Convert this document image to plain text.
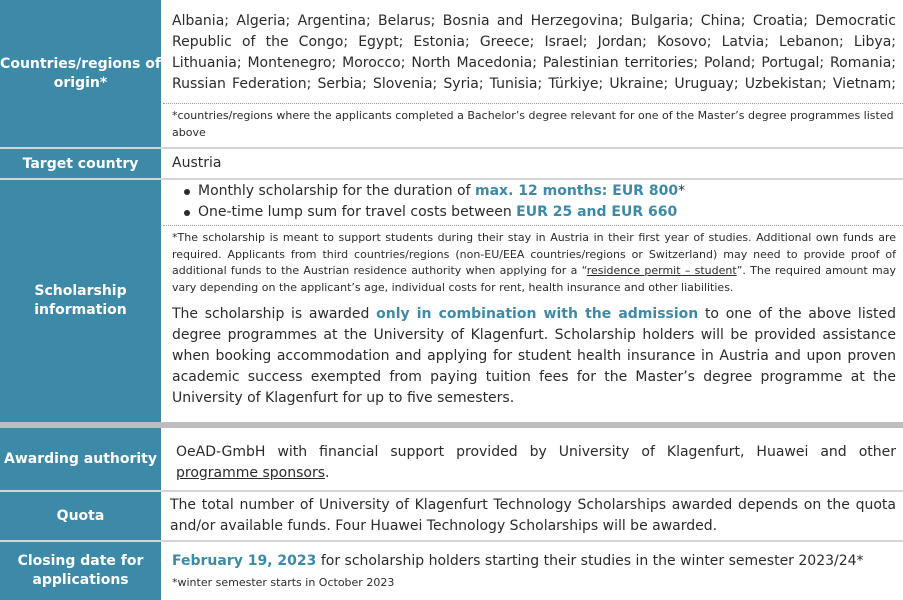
Countries/regions of origin*

Albania; Algeria; Argentina; Belarus; Bosnia and Herzegovina; Bulgaria; China; Croatia; Democratic Republic of the Congo; Egypt; Estonia; Greece; Israel; Jordan; Kosovo; Latvia; Lebanon; Libya; Lithuania; Montenegro; Morocco; North Macedonia; Palestinian territories; Poland; Portugal; Romania; Russian Federation; Serbia; Slovenia; Syria; Tunisia; Türkiye; Ukraine; Uruguay; Uzbekistan; Vietnam;

*countries/regions where the applicants completed a Bachelor’s degree relevant for one of the Master’s degree programmes listed above

Target country	Austria

Scholarship information

Monthly scholarship for the duration of max. 12 months: EUR 800*

One-time lump sum for travel costs between EUR 25 and EUR 660

*The scholarship is meant to support students during their stay in Austria in their first year of studies. Additional own funds are required. Applicants from third countries/regions (non-EU/EEA countries/regions or Switzerland) may need to provide proof of additional funds to the Austrian residence authority when applying for a “residence permit – student”. The required amount may vary depending on the applicant’s age, individual costs for rent, health insurance and other liabilities.

The scholarship is awarded only in combination with the admission to one of the above listed degree programmes at the University of Klagenfurt. Scholarship holders will be provided assistance when booking accommodation and applying for student health insurance in Austria and upon proven academic success exempted from paying tuition fees for the Master’s degree programme at the University of Klagenfurt for up to five semesters.

Awarding authority OeAD-GmbH with financial support provided by University of Klagenfurt, Huawei and other programme sponsors.

Quota

The total number of University of Klagenfurt Technology Scholarships awarded depends on the quota and/or available funds. Four Huawei Technology Scholarships will be awarded.

Closing date for applications

February 19, 2023 for scholarship holders starting their studies in the winter semester 2023/24*

*winter semester starts in October 2023
